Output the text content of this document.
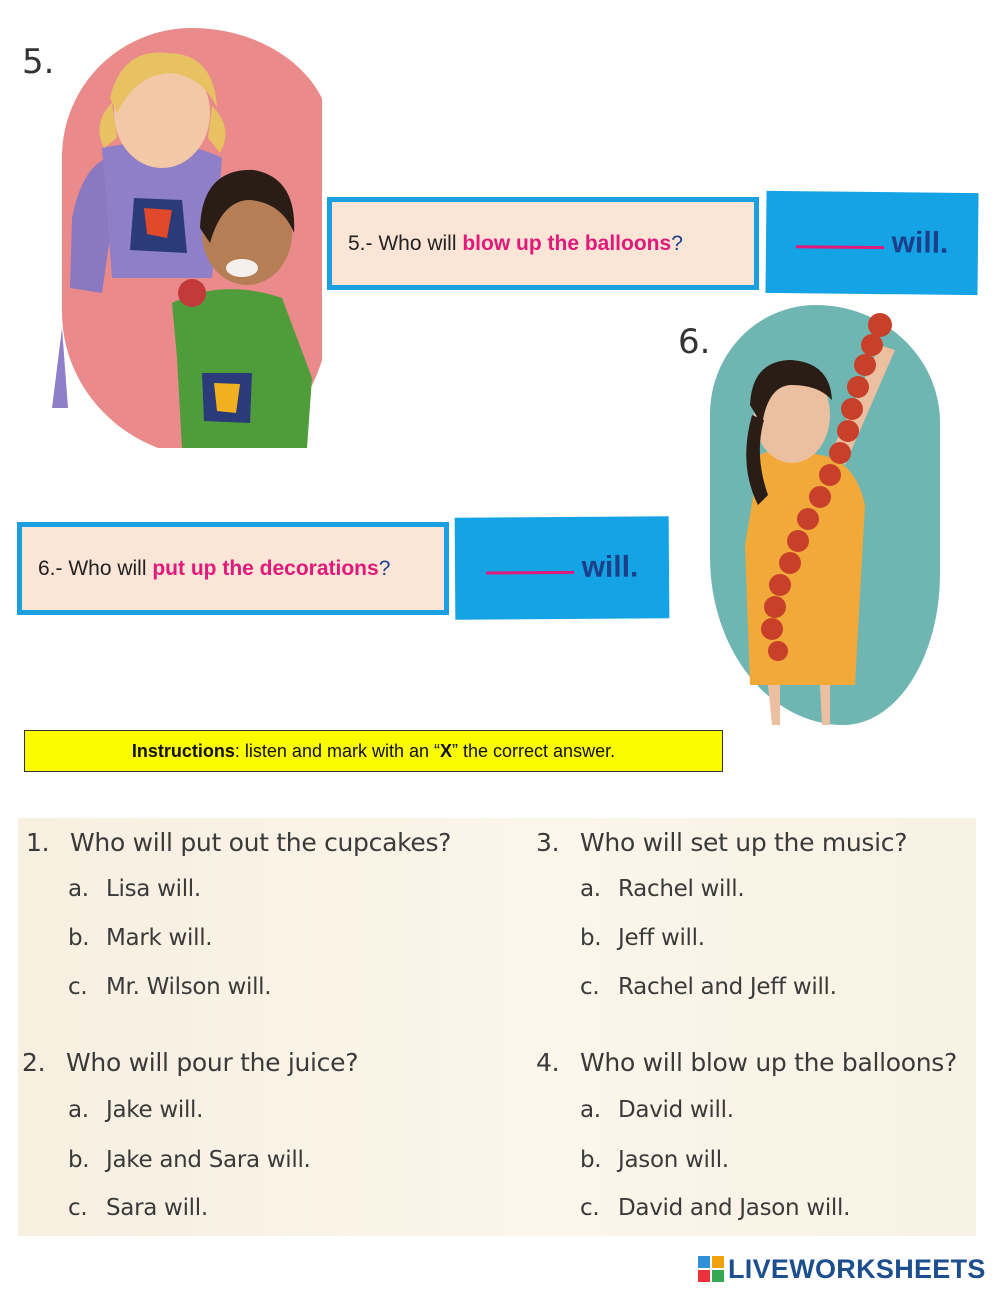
5.
5.- Who will blow up the balloons ?	will.
6.
6.- Who will put up the decorations ?	will.
Instructions : listen and mark with an “ X ” the correct answer.
1. Who will put out the cupcakes?
a. Lisa will.
b. Mark will.
c. Mr. Wilson will.
2. Who will pour the juice?
a. Jake will.
b. Jake and Sara will.
c. Sara will.
3. Who will set up the music?
a. Rachel will.
b. Jeff will.
c. Rachel and Jeff will.
4. Who will blow up the balloons?
a. David will.
b. Jason will.
c. David and Jason will.
LIVEWORKSHEETS
